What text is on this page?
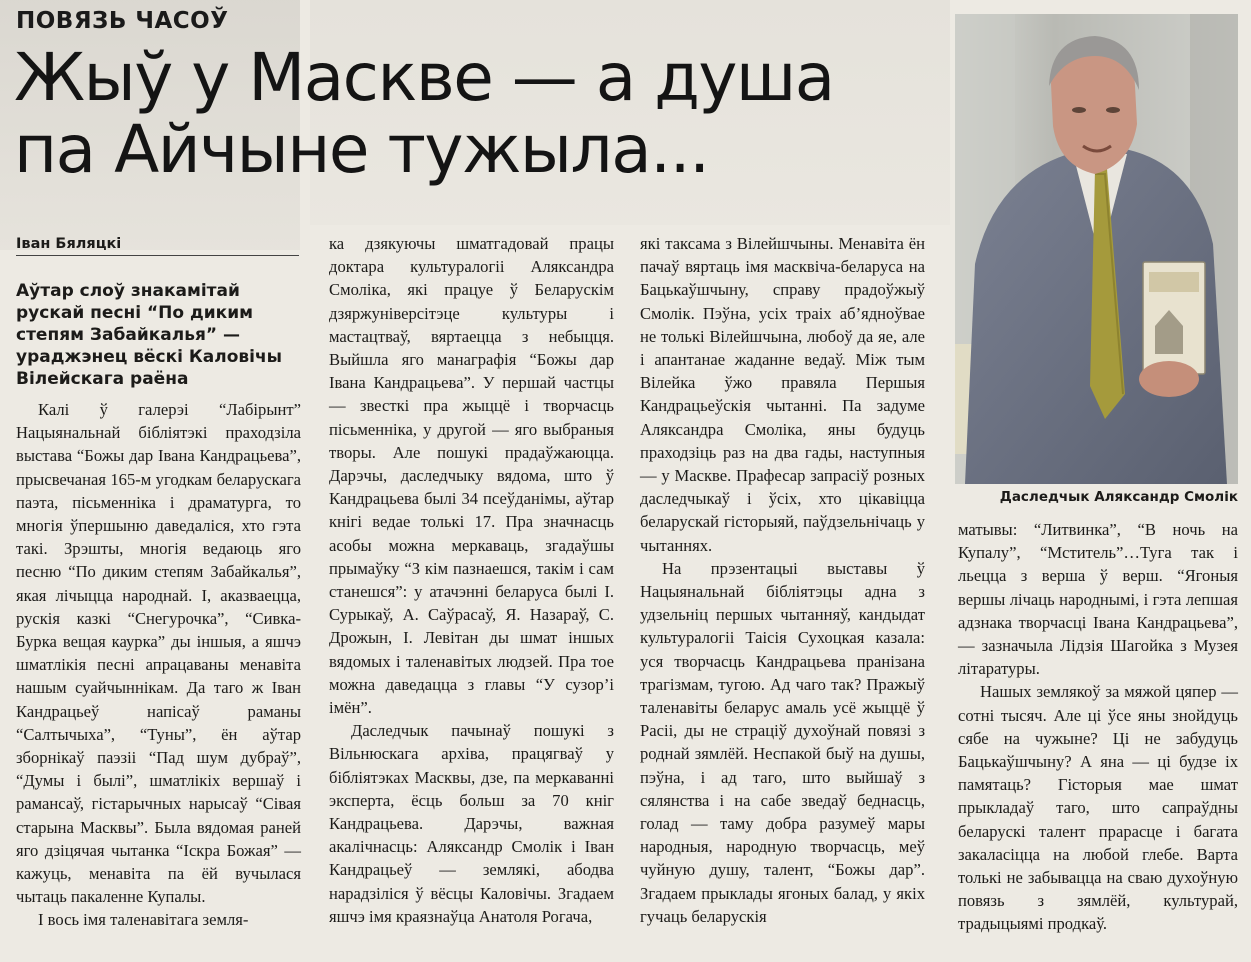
ПОВЯЗЬ ЧАСОЎ
Жыў у Маскве — а душа
па Айчыне тужыла...
Іван Бяляцкі

Аўтар слоў знакамітай рускай песні “По диким степям Забайкалья” — ураджэнец вёскі Каловічы Вілейскага раёна

Калі ў галерэі “Лабірынт” Нацыянальнай бібліятэкі праходзіла выстава “Божы дар Івана Кандрацьева”, прысвечаная 165-м угодкам беларускага паэта, пісьменніка і драматурга, то многія ўпершыню даведаліся, хто гэта такі. Зрэшты, многія ведаюць яго песню “По диким степям Забайкалья”, якая лічыцца народнай. І, аказваецца, рускія казкі “Снегурочка”, “Сивка-Бурка вещая каурка” ды іншыя, а яшчэ шматлікія песні апрацаваны менавіта нашым суайчыннікам. Да таго ж Іван Кандрацьеў напісаў раманы “Салтычыха”, “Туны”, ён аўтар зборнікаў паэзіі “Пад шум дубраў”, “Думы і былі”, шматлікіх вершаў і рамансаў, гістарычных нарысаў “Сівая старына Масквы”. Была вядомая раней яго дзіцячая чытанка “Іскра Божая” — кажуць, менавіта па ёй вучылася чытаць пакаленне Купалы.

І вось імя таленавітага земля-

ка дзякуючы шматгадовай працы доктара культуралогіі Аляксандра Смоліка, які працуе ў Беларускім дзяржуніверсітэце культуры і мастацтваў, вяртаецца з небыцця. Выйшла яго манаграфія “Божы дар Івана Кандрацьева”. У першай частцы — звесткі пра жыццё і творчасць пісьменніка, у другой — яго выбраныя творы. Але пошукі прадаўжаюцца. Дарэчы, даследчыку вядома, што ў Кандрацьева былі 34 псеўданімы, аўтар кнігі ведае толькі 17. Пра значнасць асобы можна меркаваць, згадаўшы прымаўку “З кім пазнаешся, такім і сам станешся”: у атачэнні беларуса былі І. Сурыкаў, А. Саўрасаў, Я. Назараў, С. Дрожын, І. Левітан ды шмат іншых вядомых і таленавітых людзей. Пра тое можна даведацца з главы “У сузор’і імён”.

Даследчык пачынаў пошукі з Вільнюскага архіва, працягваў у бібліятэках Масквы, дзе, па меркаванні эксперта, ёсць больш за 70 кніг Кандрацьева. Дарэчы, важная акалічнасць: Аляксандр Смолік і Іван Кандрацьеў — землякі, абодва нарадзіліся ў вёсцы Каловічы. Згадаем яшчэ імя краязнаўца Анатоля Рогача,

які таксама з Вілейшчыны. Менавіта ён пачаў вяртаць імя масквіча-беларуса на Бацькаўшчыну, справу прадоўжыў Смолік. Пэўна, усіх траіх аб’ядноўвае не толькі Вілейшчына, любоў да яе, але і апантанае жаданне ведаў. Між тым Вілейка ўжо правяла Першыя Кандрацьеўскія чытанні. Па задуме Аляксандра Смоліка, яны будуць праходзіць раз на два гады, наступныя — у Маскве. Прафесар запрасіў розных даследчыкаў і ўсіх, хто цікавіцца беларускай гісторыяй, паўдзельнічаць у чытаннях.

На прэзентацыі выставы ў Нацыянальнай бібліятэцы адна з удзельніц першых чытанняў, кандыдат культуралогіі Таісія Сухоцкая казала: уся творчасць Кандрацьева пранізана трагізмам, тугою. Ад чаго так? Пражыў таленавіты беларус амаль усё жыццё ў Расіі, ды не страціў духоўнай повязі з роднай зямлёй. Неспакой быў на душы, пэўна, і ад таго, што выйшаў з сялянства і на сабе зведаў беднасць, голад — таму добра разумеў мары народныя, народную творчасць, меў чуйную душу, талент, “Божы дар”. Згадаем прыклады ягоных балад, у якіх гучаць беларускія

Даследчык Аляксандр Смолік

матывы: “Литвинка”, “В ночь на Купалу”, “Мститель”…Туга так і льецца з верша ў верш. “Ягоныя вершы лічаць народнымі, і гэта лепшая адзнака творчасці Івана Кандрацьева”, — зазначыла Лідзія Шагойка з Музея літаратуры.

Нашых землякоў за мяжой цяпер — сотні тысяч. Але ці ўсе яны знойдуць сябе на чужыне? Ці не забудуць Бацькаўшчыну? А яна — ці будзе іх памятаць? Гісторыя мае шмат прыкладаў таго, што сапраўдны беларускі талент прарасце і багата закаласіцца на любой глебе. Варта толькі не забывацца на сваю духоўную повязь з зямлёй, культурай, традыцыямі продкаў.
